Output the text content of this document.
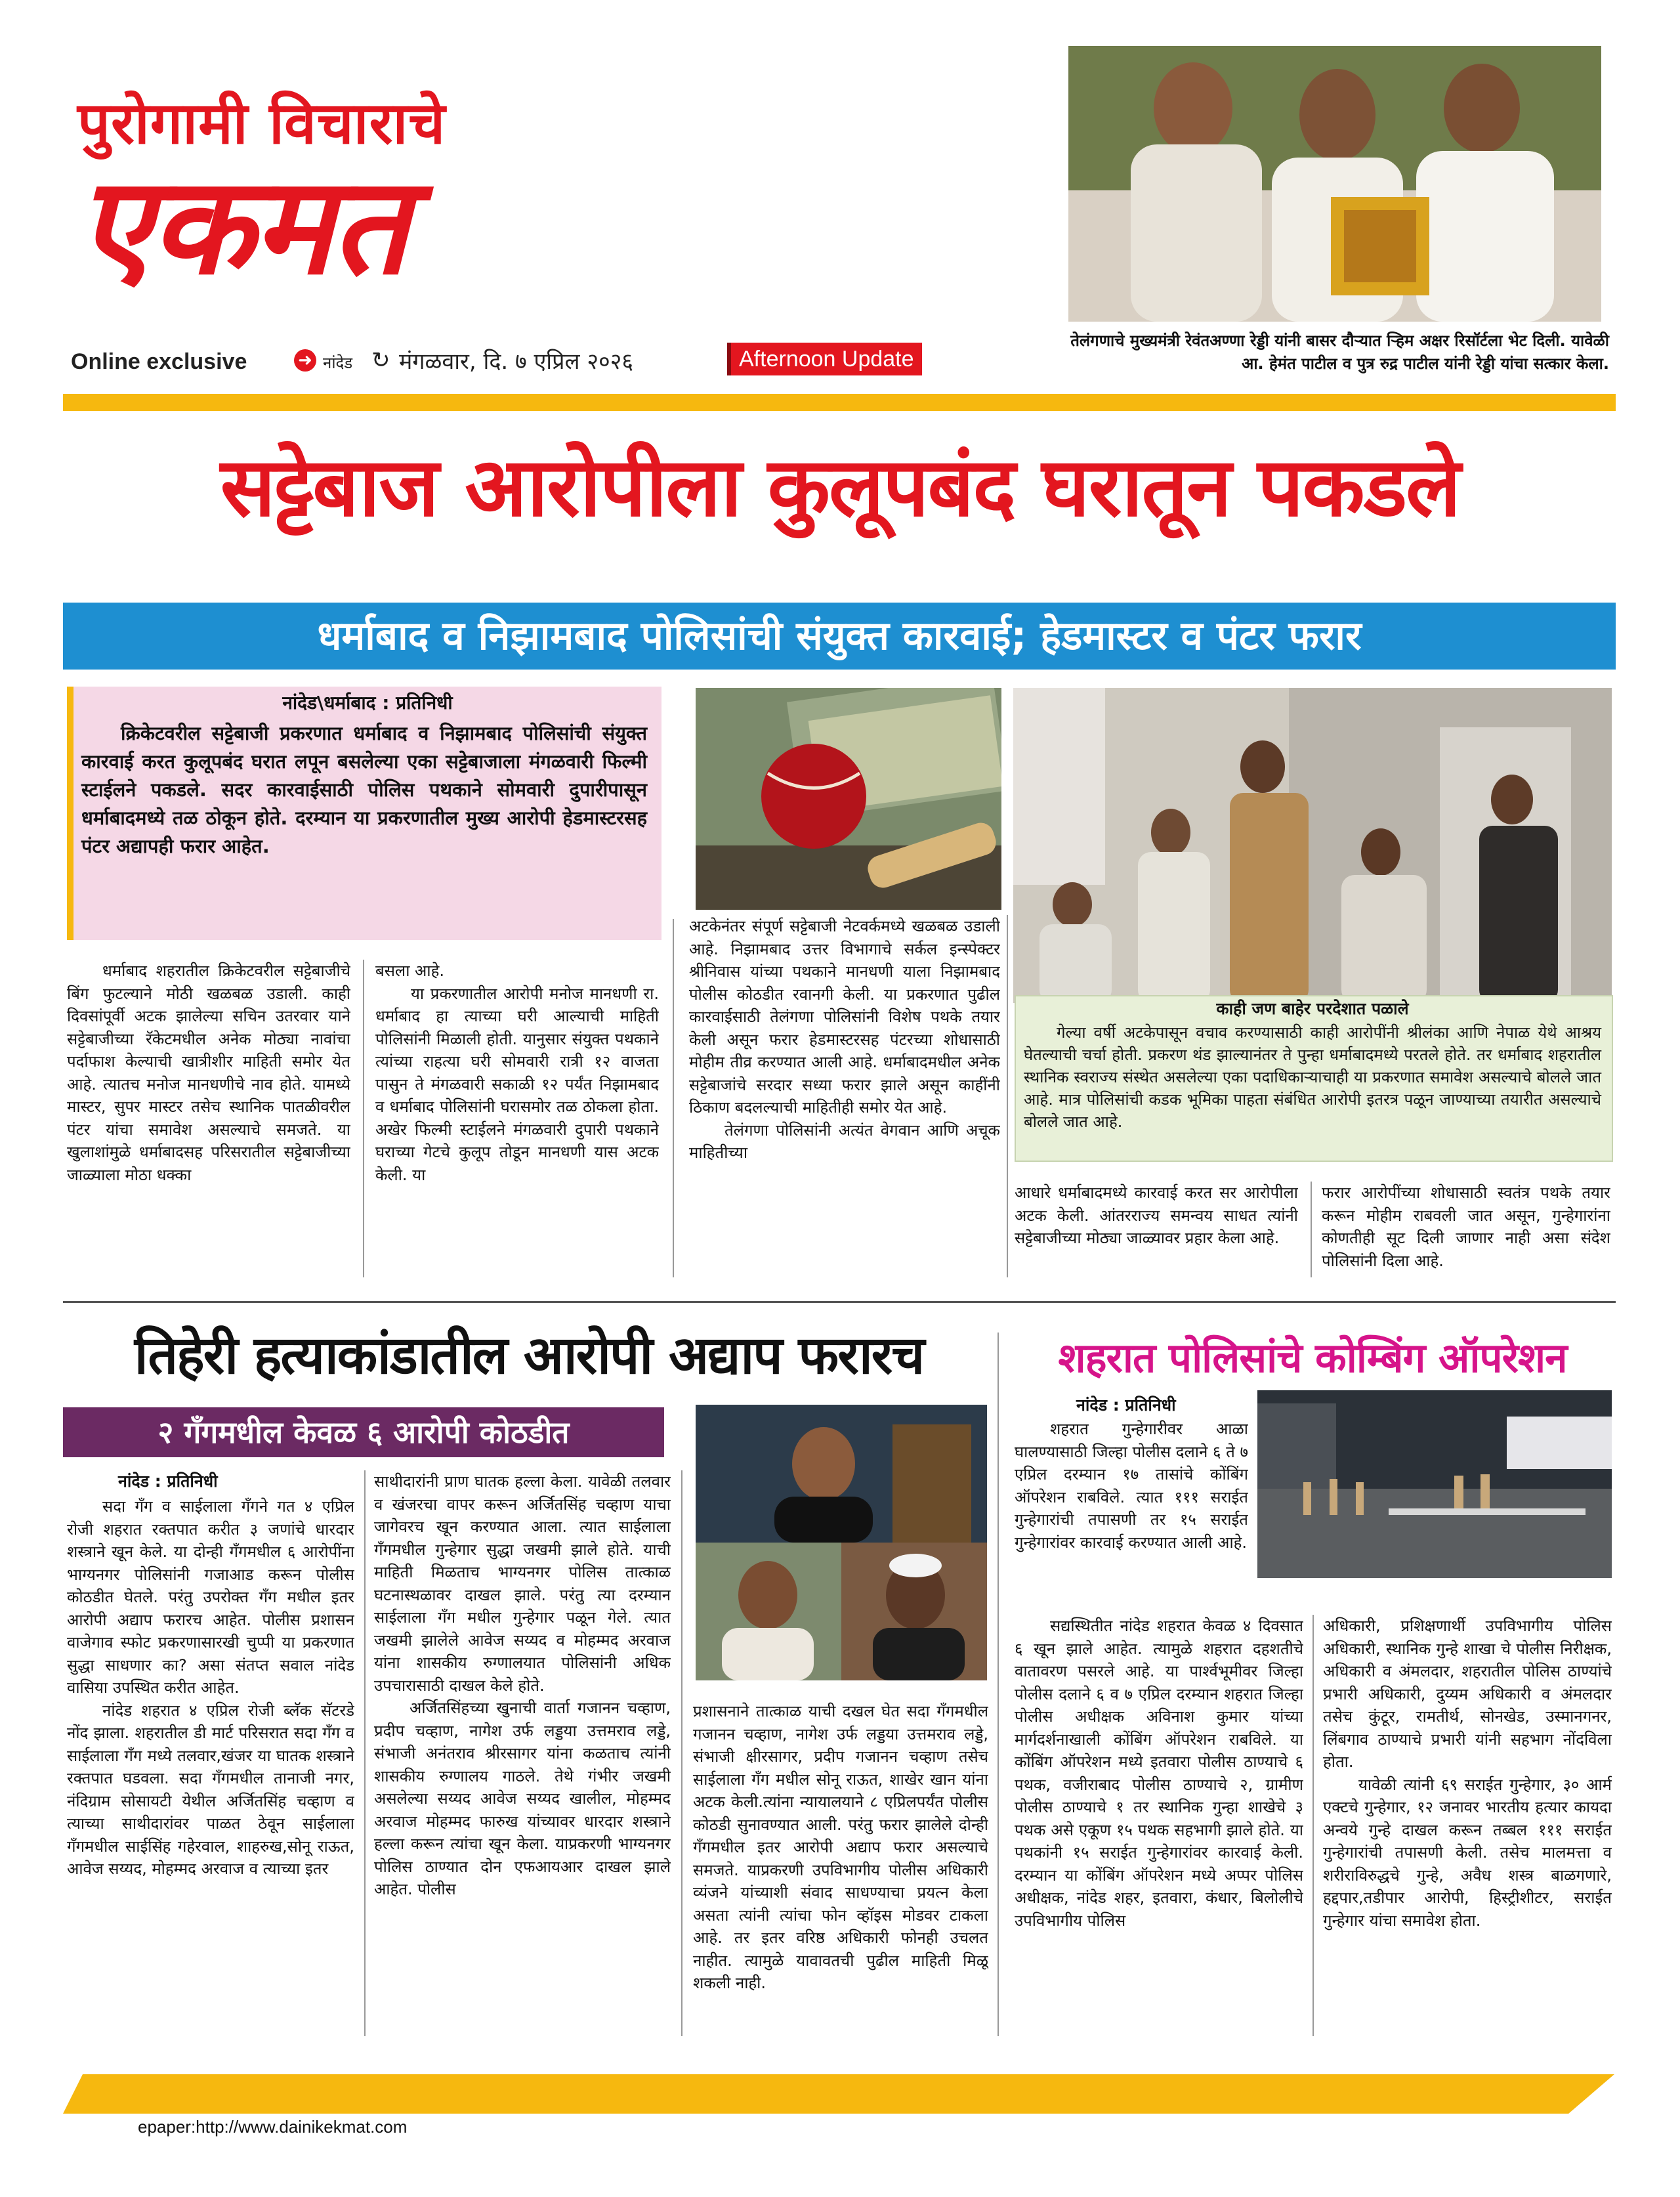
पुरोगामी विचाराचे
एकमत
Online exclusive	➜ नांदेड ↻ मंगळवार, दि. ७ एप्रिल २०२६	Afternoon Update
तेलंगणाचे मुख्यमंत्री रेवंतअण्णा रेड्डी यांनी बासर दौऱ्यात ऱ्हिम अक्षर रिसॉर्टला भेट दिली. यावेळी आ. हेमंत पाटील व पुत्र रुद्र पाटील यांनी रेड्डी यांचा सत्कार केला.
सट्टेबाज आरोपीला कुलूपबंद घरातून पकडले
धर्माबाद व निझामबाद पोलिसांची संयुक्त कारवाई; हेडमास्टर व पंटर फरार
नांदेड\धर्माबाद : प्रतिनिधी
क्रिकेटवरील सट्टेबाजी प्रकरणात धर्माबाद व निझामबाद पोलिसांची संयुक्त कारवाई करत कुलूपबंद घरात लपून बसलेल्या एका सट्टेबाजाला मंगळवारी फिल्मी स्टाईलने पकडले. सदर कारवाईसाठी पोलिस पथकाने सोमवारी दुपारीपासून धर्माबादमध्ये तळ ठोकून होते. दरम्यान या प्रकरणातील मुख्य आरोपी हेडमास्टरसह पंटर अद्यापही फरार आहेत.
काही जण बाहेर परदेशात पळाले
गेल्या वर्षी अटकेपासून वचाव करण्यासाठी काही आरोपींनी श्रीलंका आणि नेपाळ येथे आश्रय घेतल्याची चर्चा होती. प्रकरण थंड झाल्यानंतर ते पुन्हा धर्माबादमध्ये परतले होते. तर धर्माबाद शहरातील स्थानिक स्वराज्य संस्थेत असलेल्या एका पदाधिकाऱ्याचाही या प्रकरणात समावेश असल्याचे बोलले जात आहे. मात्र पोलिसांची कडक भूमिका पाहता संबंधित आरोपी इतरत्र पळून जाण्याच्या तयारीत असल्याचे बोलले जात आहे.

धर्माबाद शहरातील क्रिकेटवरील सट्टेबाजीचे बिंग फुटल्याने मोठी खळबळ उडाली. काही दिवसांपूर्वी अटक झालेल्या सचिन उतरवार याने सट्टेबाजीच्या रॅकेटमधील अनेक मोठ्या नावांचा पर्दाफाश केल्याची खात्रीशीर माहिती समोर येत आहे. त्यातच मनोज मानधणीचे नाव होते. यामध्ये मास्टर, सुपर मास्टर तसेच स्थानिक पातळीवरील पंटर यांचा समावेश असल्याचे समजते. या खुलाशांमुळे धर्माबादसह परिसरातील सट्टेबाजीच्या जाळ्याला मोठा धक्का

बसला आहे.

या प्रकरणातील आरोपी मनोज मानधणी रा. धर्माबाद हा त्याच्या घरी आल्याची माहिती पोलिसांनी मिळाली होती. यानुसार संयुक्त पथकाने त्यांच्या राहत्या घरी सोमवारी रात्री १२ वाजता पासुन ते मंगळवारी सकाळी १२ पर्यंत निझामबाद व धर्माबाद पोलिसांनी घरासमोर तळ ठोकला होता. अखेर फिल्मी स्टाईलने मंगळवारी दुपारी पथकाने घराच्या गेटचे कुलूप तोडून मानधणी यास अटक केली. या

अटकेनंतर संपूर्ण सट्टेबाजी नेटवर्कमध्ये खळबळ उडाली आहे. निझामबाद उत्तर विभागाचे सर्कल इन्स्पेक्टर श्रीनिवास यांच्या पथकाने मानधणी याला निझामबाद पोलीस कोठडीत रवानगी केली. या प्रकरणात पुढील कारवाईसाठी तेलंगणा पोलिसांनी विशेष पथके तयार केली असून फरार हेडमास्टरसह पंटरच्या शोधासाठी मोहीम तीव्र करण्यात आली आहे. धर्माबादमधील अनेक सट्टेबाजांचे सरदार सध्या फरार झाले असून काहींनी ठिकाण बदलल्याची माहितीही समोर येत आहे.

तेलंगणा पोलिसांनी अत्यंत वेगवान आणि अचूक माहितीच्या

आधारे धर्माबादमध्ये कारवाई करत सर आरोपीला अटक केली. आंतरराज्य समन्वय साधत त्यांनी सट्टेबाजीच्या मोठ्या जाळ्यावर प्रहार केला आहे.

फरार आरोपींच्या शोधासाठी स्वतंत्र पथके तयार करून मोहीम राबवली जात असून, गुन्हेगारांना कोणतीही सूट दिली जाणार नाही असा संदेश पोलिसांनी दिला आहे.

तिहेरी हत्याकांडातील आरोपी अद्याप फरारच
२ गँगमधील केवळ ६ आरोपी कोठडीत
नांदेड : प्रतिनिधी

सदा गँग व साईलाला गँगने गत ४ एप्रिल रोजी शहरात रक्तपात करीत ३ जणांचे धारदार शस्त्राने खून केले. या दोन्ही गँगमधील ६ आरोपींना भाग्यनगर पोलिसांनी गजाआड करून पोलीस कोठडीत घेतले. परंतु उपरोक्त गँग मधील इतर आरोपी अद्याप फरारच आहेत. पोलीस प्रशासन वाजेगाव स्फोट प्रकरणासारखी चुप्पी या प्रकरणात सुद्धा साधणार का? असा संतप्त सवाल नांदेड वासिया उपस्थित करीत आहेत.

नांदेड शहरात ४ एप्रिल रोजी ब्लॅक सॅटरडे नोंद झाला. शहरातील डी मार्ट परिसरात सदा गँग व साईलाला गँग मध्ये तलवार,खंजर या घातक शस्त्राने रक्तपात घडवला. सदा गँगमधील तानाजी नगर, नंदिग्राम सोसायटी येथील अर्जितसिंह चव्हाण व त्याच्या साथीदारांवर पाळत ठेवून साईलाला गँगमधील साईसिंह गहेरवाल, शाहरुख,सोनू राऊत, आवेज सय्यद, मोहम्मद अरवाज व त्याच्या इतर

साथीदारांनी प्राण घातक हल्ला केला. यावेळी तलवार व खंजरचा वापर करून अर्जितसिंह चव्हाण याचा जागेवरच खून करण्यात आला. त्यात साईलाला गँगमधील गुन्हेगार सुद्धा जखमी झाले होते. याची माहिती मिळताच भाग्यनगर पोलिस तात्काळ घटनास्थळावर दाखल झाले. परंतु त्या दरम्यान साईलाला गँग मधील गुन्हेगार पळून गेले. त्यात जखमी झालेले आवेज सय्यद व मोहम्मद अरवाज यांना शासकीय रुग्णालयात पोलिसांनी अधिक उपचारासाठी दाखल केले होते.

अर्जितसिंहच्या खुनाची वार्ता गजानन चव्हाण, प्रदीप चव्हाण, नागेश उर्फ लड्डया उत्तमराव लड्डे, संभाजी अनंतराव श्रीरसागर यांना कळताच त्यांनी शासकीय रुग्णालय गाठले. तेथे गंभीर जखमी असलेल्या सय्यद आवेज सय्यद खालील, मोहम्मद अरवाज मोहम्मद फारुख यांच्यावर धारदार शस्त्राने हल्ला करून त्यांचा खून केला. याप्रकरणी भाग्यनगर पोलिस ठाण्यात दोन एफआयआर दाखल झाले आहेत. पोलीस

प्रशासनाने तात्काळ याची दखल घेत सदा गँगमधील गजानन चव्हाण, नागेश उर्फ लड्डया उत्तमराव लड्डे, संभाजी क्षीरसागर, प्रदीप गजानन चव्हाण तसेच साईलाला गँग मधील सोनू राऊत, शाखेर खान यांना अटक केली.त्यांना न्यायालयाने ८ एप्रिलपर्यंत पोलीस कोठडी सुनावण्यात आली. परंतु फरार झालेले दोन्ही गँगमधील इतर आरोपी अद्याप फरार असल्याचे समजते. याप्रकरणी उपविभागीय पोलीस अधिकारी व्यंजने यांच्याशी संवाद साधण्याचा प्रयत्न केला असता त्यांनी त्यांचा फोन व्हॉइस मोडवर टाकला आहे. तर इतर वरिष्ठ अधिकारी फोनही उचलत नाहीत. त्यामुळे यावावतची पुढील माहिती मिळू शकली नाही.

शहरात पोलिसांचे कोम्बिंग ऑपरेशन
नांदेड : प्रतिनिधी

शहरात गुन्हेगारीवर आळा घालण्यासाठी जिल्हा पोलीस दलाने ६ ते ७ एप्रिल दरम्यान १७ तासांचे कोंबिंग ऑपरेशन राबविले. त्यात १११ सराईत गुन्हेगारांची तपासणी तर १५ सराईत गुन्हेगारांवर कारवाई करण्यात आली आहे.

सद्यस्थितीत नांदेड शहरात केवळ ४ दिवसात ६ खून झाले आहेत. त्यामुळे शहरात दहशतीचे वातावरण पसरले आहे. या पार्श्वभूमीवर जिल्हा पोलीस दलाने ६ व ७ एप्रिल दरम्यान शहरात जिल्हा पोलीस अधीक्षक अविनाश कुमार यांच्या मार्गदर्शनाखाली कोंबिंग ऑपरेशन राबविले. या कोंबिंग ऑपरेशन मध्ये इतवारा पोलीस ठाण्याचे ६ पथक, वजीराबाद पोलीस ठाण्याचे २, ग्रामीण पोलीस ठाण्याचे १ तर स्थानिक गुन्हा शाखेचे ३ पथक असे एकूण १५ पथक सहभागी झाले होते. या पथकांनी १५ सराईत गुन्हेगारांवर कारवाई केली. दरम्यान या कोंबिंग ऑपरेशन मध्ये अप्पर पोलिस अधीक्षक, नांदेड शहर, इतवारा, कंधार, बिलोलीचे उपविभागीय पोलिस

अधिकारी, प्रशिक्षणार्थी उपविभागीय पोलिस अधिकारी, स्थानिक गुन्हे शाखा चे पोलीस निरीक्षक, अधिकारी व अंमलदार, शहरातील पोलिस ठाण्यांचे प्रभारी अधिकारी, दुय्यम अधिकारी व अंमलदार तसेच कुंटूर, रामतीर्थ, सोनखेड, उस्मानगनर, लिंबगाव ठाण्याचे प्रभारी यांनी सहभाग नोंदविला होता.

यावेळी त्यांनी ६९ सराईत गुन्हेगार, ३० आर्म एक्टचे गुन्हेगार, १२ जनावर भारतीय हत्यार कायदा अन्वये गुन्हे दाखल करून तब्बल १११ सराईत गुन्हेगारांची तपासणी केली. तसेच मालमत्ता व शरीराविरुद्धचे गुन्हे, अवैध शस्त्र बाळगणारे, हद्दपार,तडीपार आरोपी, हिस्ट्रीशीटर, सराईत गुन्हेगार यांचा समावेश होता.

epaper:http://www.dainikekmat.com
